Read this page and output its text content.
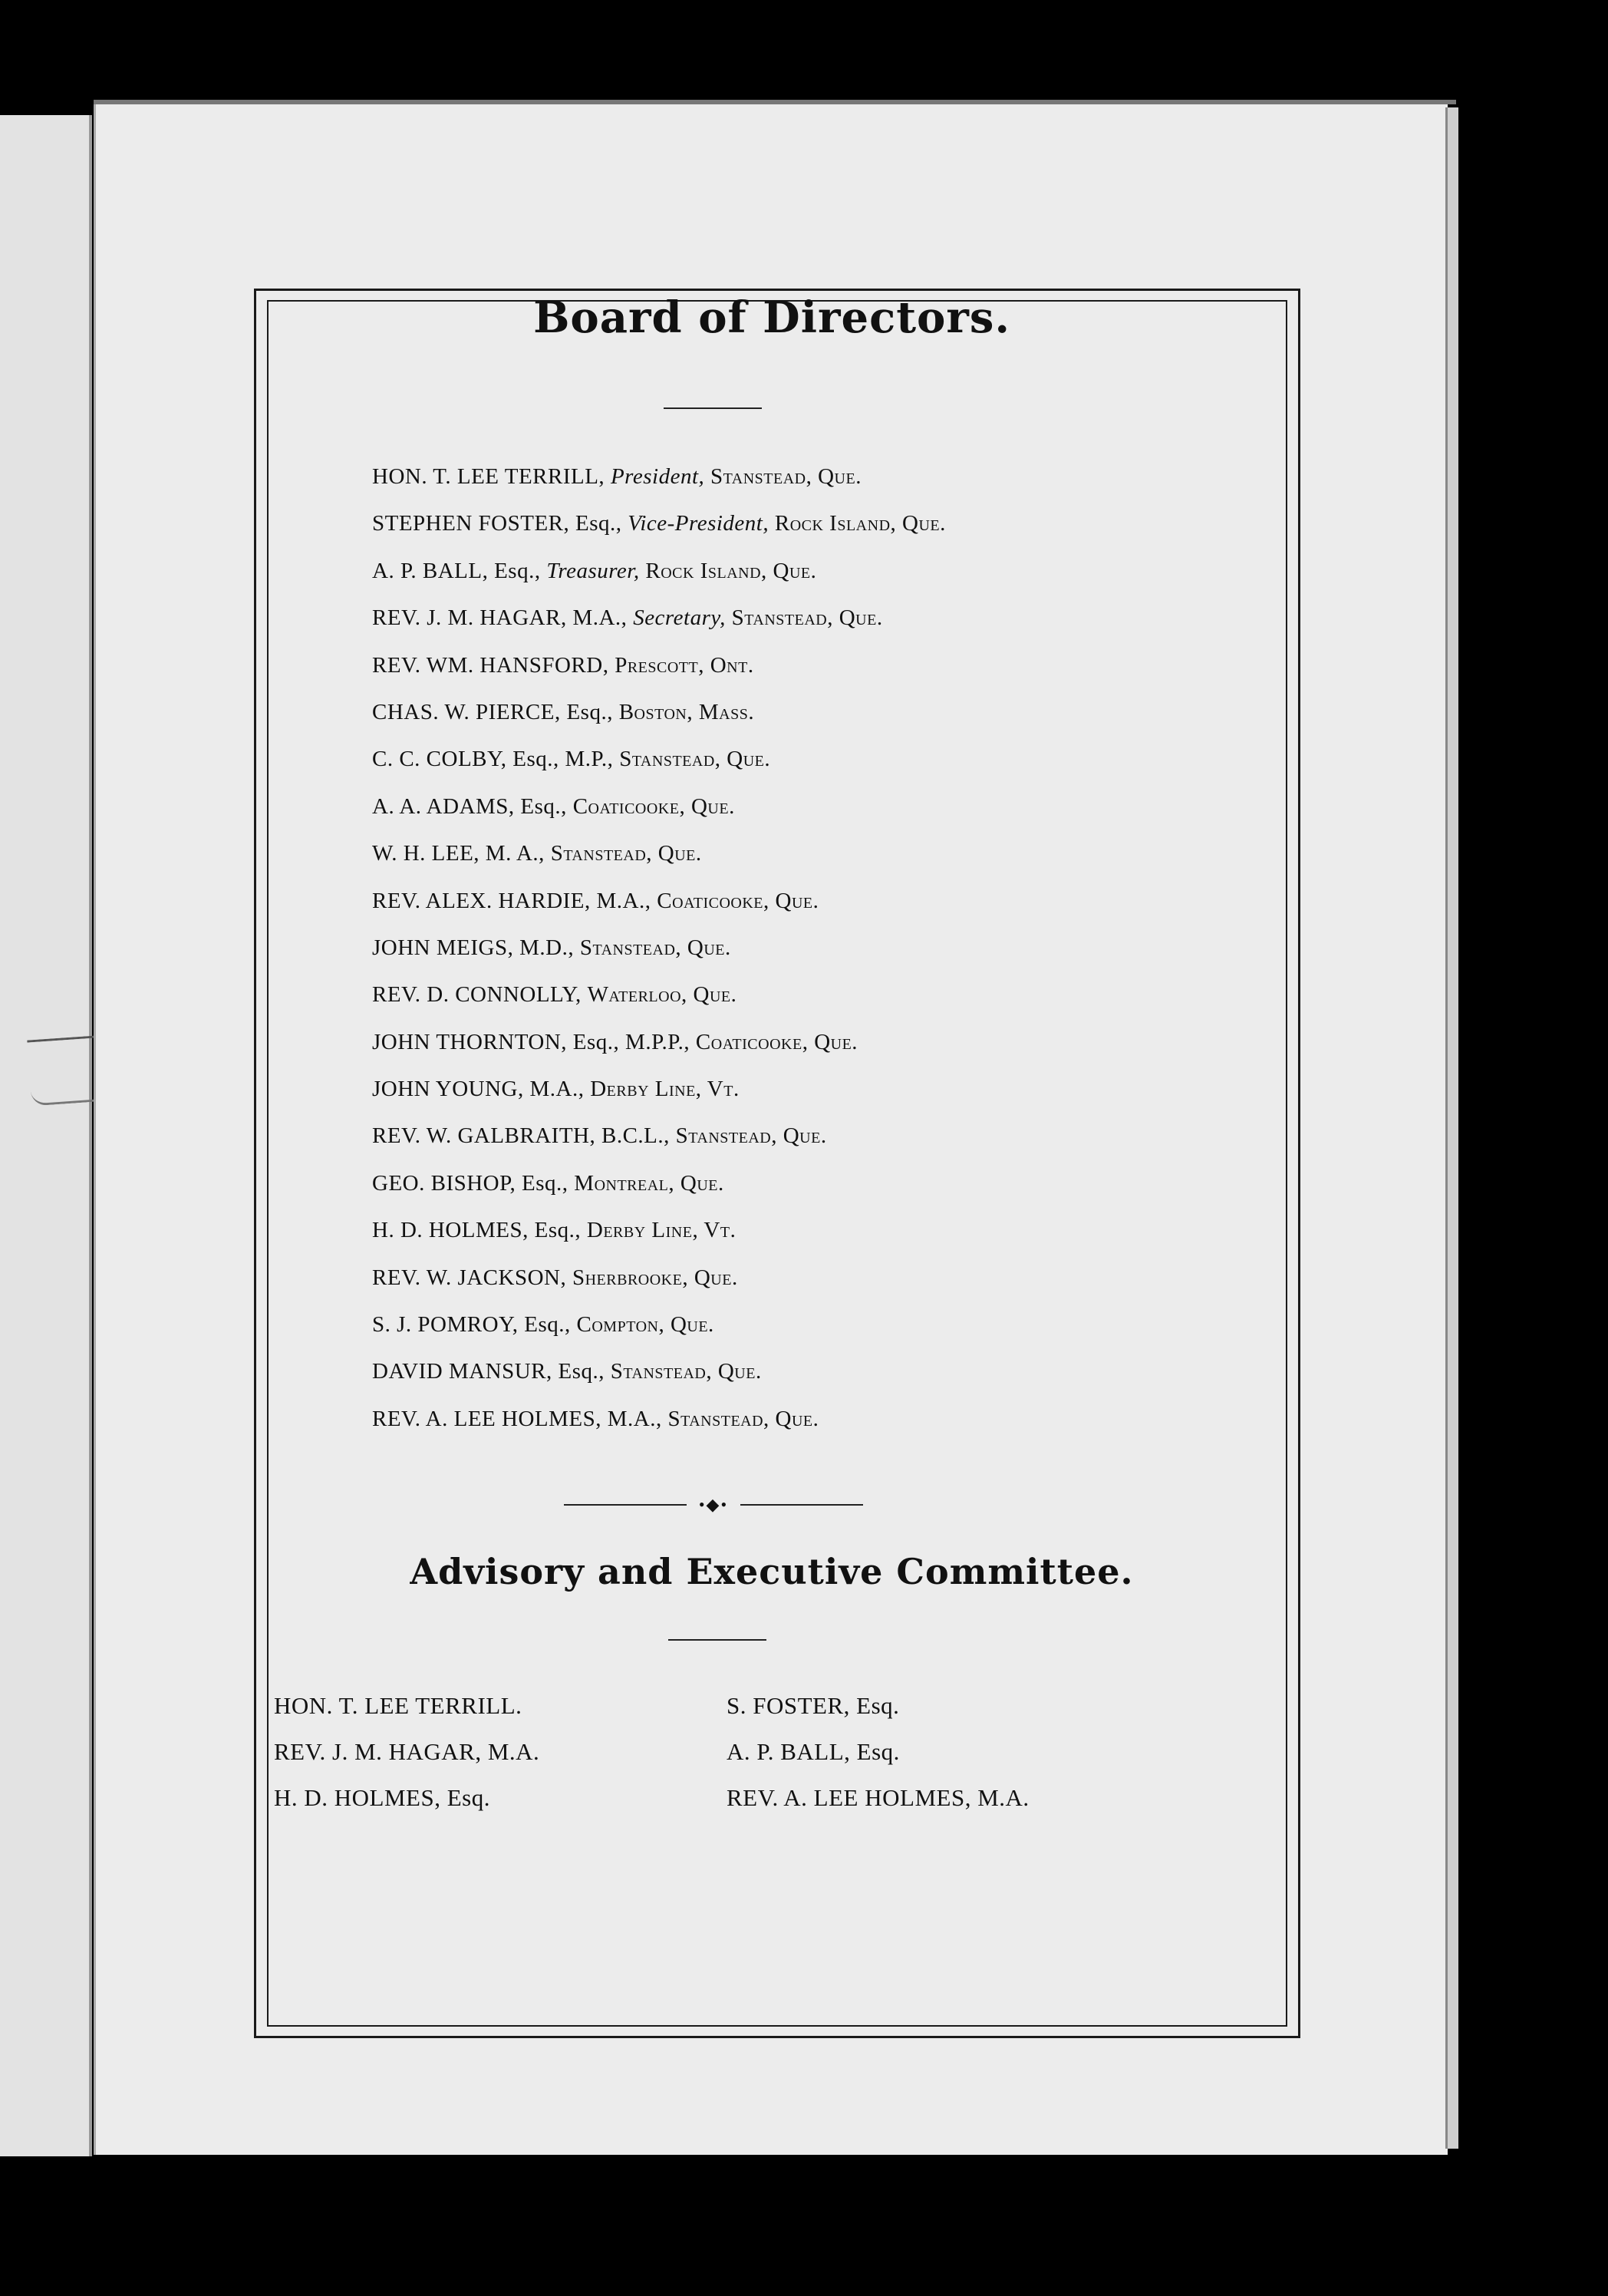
Board of Directors.
HON. T. LEE TERRILL, President, Stanstead, Que.
STEPHEN FOSTER, Esq., Vice-President, Rock Island, Que.
A. P. BALL, Esq., Treasurer, Rock Island, Que.
REV. J. M. HAGAR, M.A., Secretary, Stanstead, Que.
REV. WM. HANSFORD, Prescott, Ont.
CHAS. W. PIERCE, Esq., Boston, Mass.
C. C. COLBY, Esq., M.P., Stanstead, Que.
A. A. ADAMS, Esq., Coaticooke, Que.
W. H. LEE, M. A., Stanstead, Que.
REV. ALEX. HARDIE, M.A., Coaticooke, Que.
JOHN MEIGS, M.D., Stanstead, Que.
REV. D. CONNOLLY, Waterloo, Que.
JOHN THORNTON, Esq., M.P.P., Coaticooke, Que.
JOHN YOUNG, M.A., Derby Line, Vt.
REV. W. GALBRAITH, B.C.L., Stanstead, Que.
GEO. BISHOP, Esq., Montreal, Que.
H. D. HOLMES, Esq., Derby Line, Vt.
REV. W. JACKSON, Sherbrooke, Que.
S. J. POMROY, Esq., Compton, Que.
DAVID MANSUR, Esq., Stanstead, Que.
REV. A. LEE HOLMES, M.A., Stanstead, Que.
•◆•
Advisory and Executive Committee.
HON. T. LEE TERRILL.
REV. J. M. HAGAR, M.A.
H. D. HOLMES, Esq.
S. FOSTER, Esq.
A. P. BALL, Esq.
REV. A. LEE HOLMES, M.A.
